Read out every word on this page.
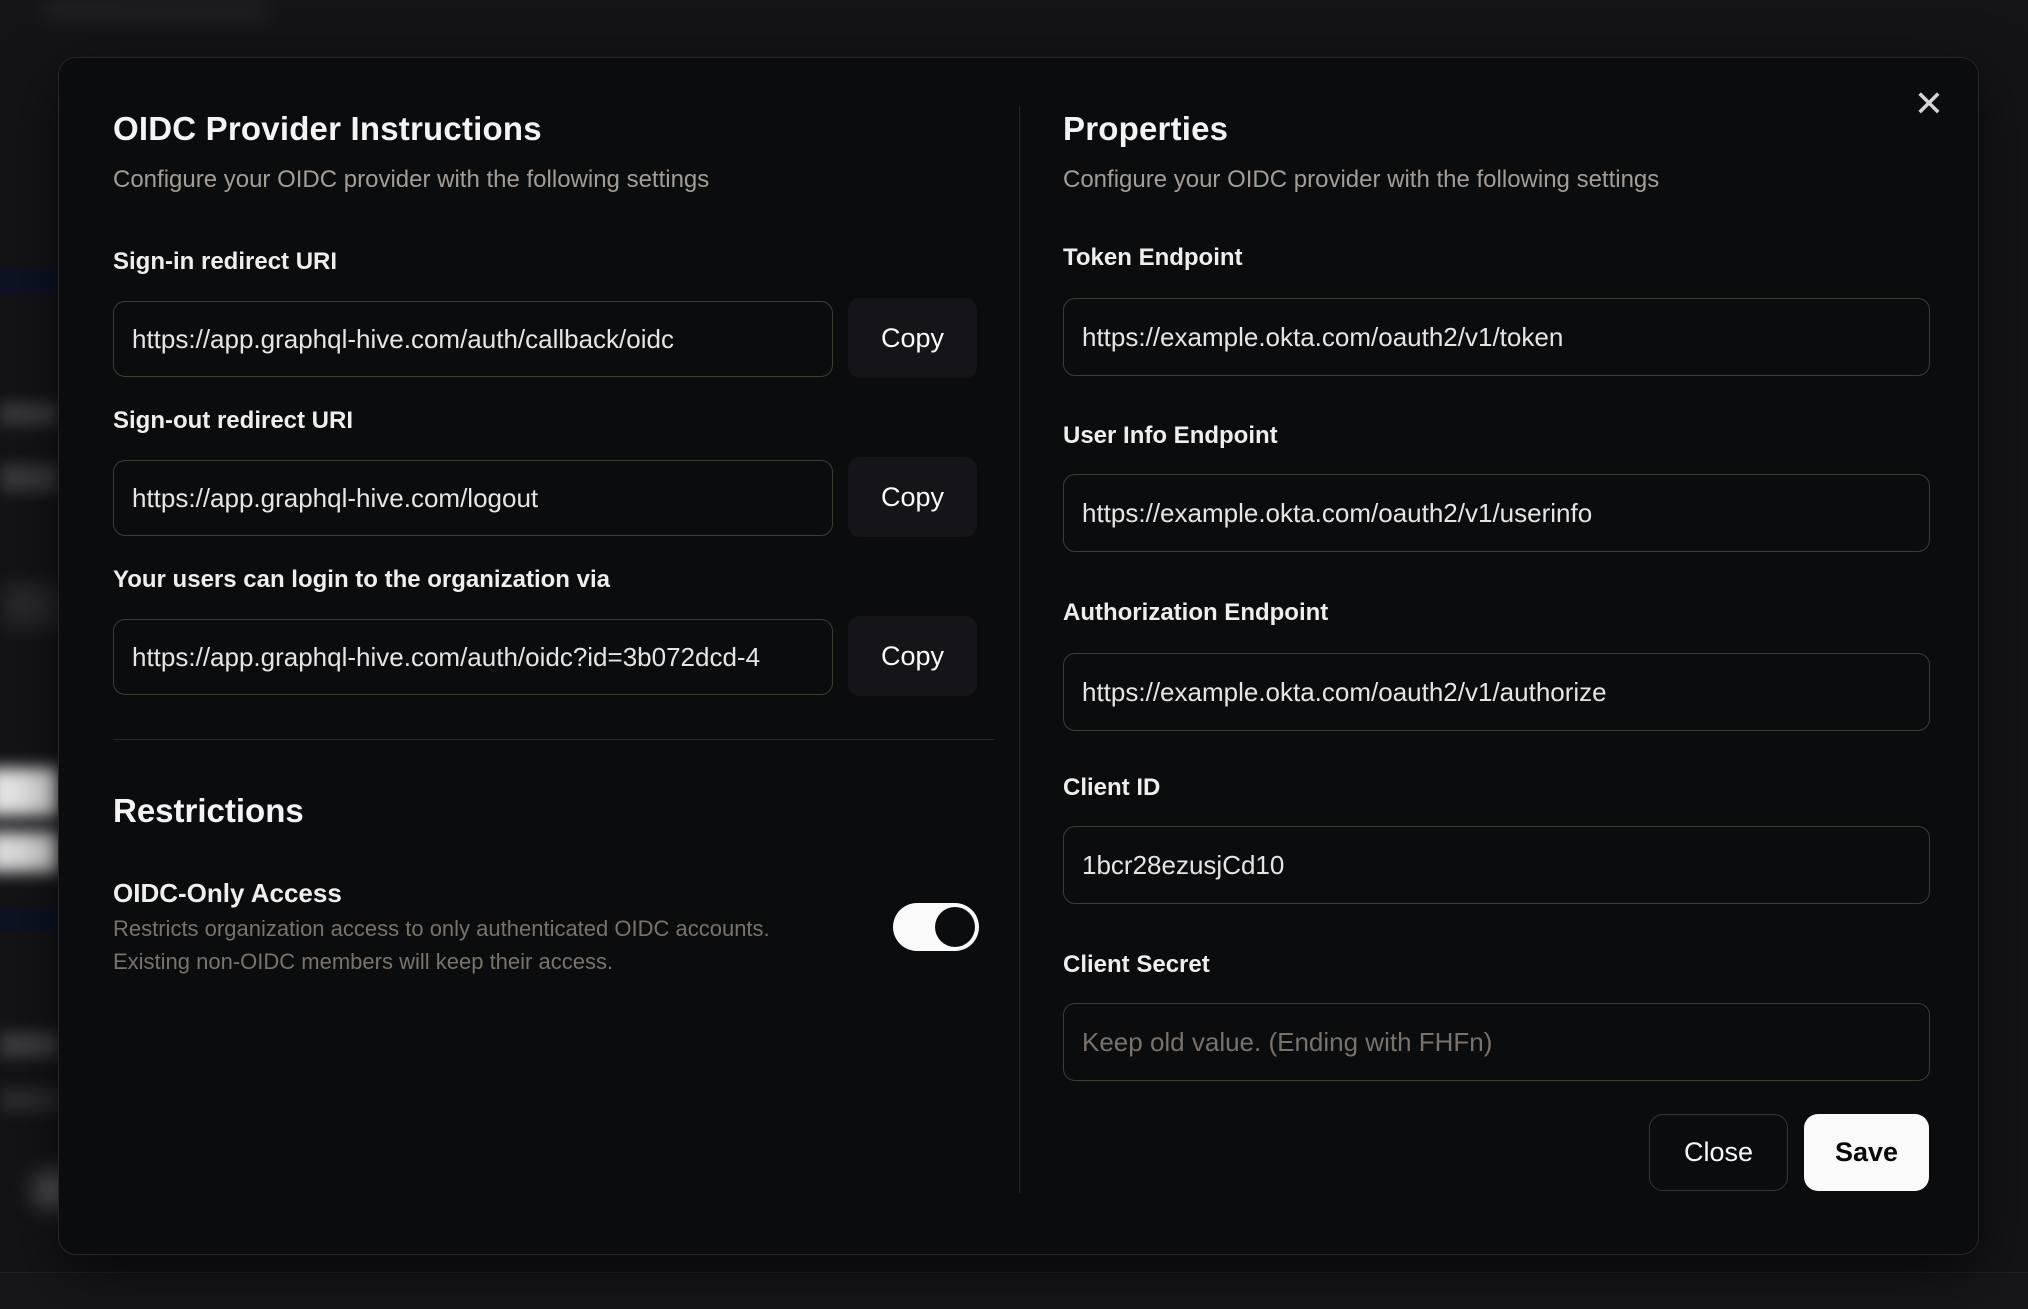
✕
OIDC Provider Instructions

Configure your OIDC provider with the following settings

Sign-in redirect URI

https://app.graphql-hive.com/auth/callback/oidc
Copy

Sign-out redirect URI

https://app.graphql-hive.com/logout
Copy

Your users can login to the organization via

https://app.graphql-hive.com/auth/oidc?id=3b072dcd-4
Copy
Restrictions

OIDC-Only Access

Restricts organization access to only authenticated OIDC accounts.

Existing non-OIDC members will keep their access.

Properties

Configure your OIDC provider with the following settings

Token Endpoint

https://example.okta.com/oauth2/v1/token

User Info Endpoint

https://example.okta.com/oauth2/v1/userinfo

Authorization Endpoint

https://example.okta.com/oauth2/v1/authorize

Client ID

1bcr28ezusjCd10

Client Secret

Keep old value. (Ending with FHFn)
Close	Save
